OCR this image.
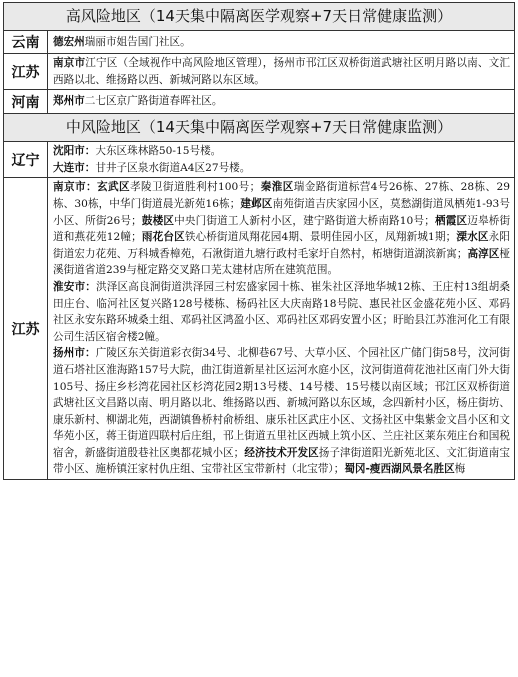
高风险地区（14天集中隔离医学观察+7天日常健康监测）	
云南	德宏州瑞丽市姐告国门社区。
江苏	南京市江宁区（全域视作中高风险地区管理），扬州市邗江区双桥街道武塘社区明月路以南、文汇西路以北、维扬路以西、新城河路以东区域。
河南	郑州市二七区京广路街道春晖社区。
中风险地区（14天集中隔离医学观察+7天日常健康监测）	
辽宁	沈阳市：大东区珠林路50-15号楼。

大连市：甘井子区泉水街道A4区27号楼。

江苏	南京市：玄武区孝陵卫街道胜利村100号；秦淮区瑞金路街道标营4号26栋、27栋、28栋、29栋、30栋，中华门街道晨光新苑16栋；建邺区南苑街道吉庆家园小区，莫愁湖街道凤栖苑1-93号小区、所街26号；鼓楼区中央门街道工人新村小区，建宁路街道大桥南路10号；栖霞区迈皋桥街道和燕花苑12幢；雨花台区铁心桥街道凤翔花园4期、景明佳园小区，凤翔新城1期；溧水区永阳街道宏力花苑、万科城香樟苑，石湫街道九塘行政村毛家圩自然村，柘塘街道湖滨新寓；高淳区桠溪街道省道239与桠定路交叉路口芜太建材店所在建筑范围。

淮安市：洪泽区高良涧街道洪泽园三村宏盛家园十栋、崔朱社区泽地华城12栋、王庄村13组胡桑田庄台、临河社区复兴路128号楼栋、杨码社区大庆南路18号院、惠民社区金盛花苑小区、邓码社区永安东路环城桑土组、邓码社区鸿盈小区、邓码社区邓码安置小区；盱眙县江苏淮河化工有限公司生活区宿舍楼2幢。

扬州市：广陵区东关街道彩衣街34号、北柳巷67号、大草小区、个园社区广储门街58号，汶河街道石塔社区淮海路157号大院，曲江街道新星社区运河水庭小区，汶河街道荷花池社区南门外大街105号、扬庄乡杉湾花园社区杉湾花园2期13号楼、14号楼、15号楼以南区域；邗江区双桥街道武塘社区文昌路以南、明月路以北、维扬路以西、新城河路以东区域，念四新村小区，杨庄街坊、康乐新村、柳湖北苑，西湖镇鲁桥村俞桥组、康乐社区武庄小区、文扬社区中集紫金文昌小区和文华苑小区，蒋王街道四联村后庄组，邗上街道五里社区西城上筑小区、兰庄社区莱东苑庄台和国税宿舍，新盛街道殷巷社区奥都花城小区；经济技术开发区扬子津街道阳光新苑北区、文汇街道南宝带小区、施桥镇汪家村仇庄组、宝带社区宝带新村（北宝带）；蜀冈-瘦西湖风景名胜区梅
